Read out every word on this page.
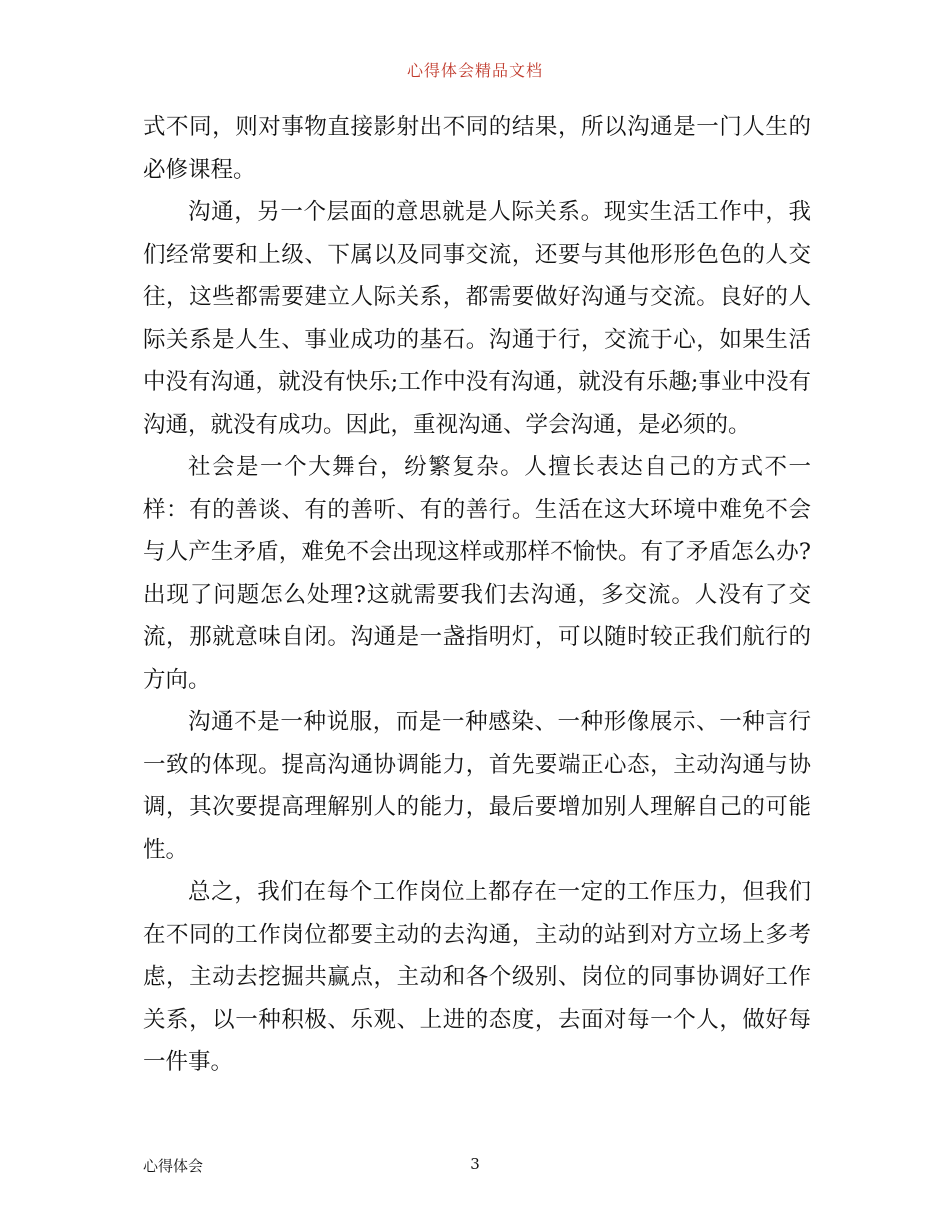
心得体会精品文档

式不同，则对事物直接影射出不同的结果，所以沟通是一门人生的必修课程。

沟通，另一个层面的意思就是人际关系。现实生活工作中，我们经常要和上级、下属以及同事交流，还要与其他形形色色的人交往，这些都需要建立人际关系，都需要做好沟通与交流。良好的人际关系是人生、事业成功的基石。沟通于行，交流于心，如果生活中没有沟通，就没有快乐;工作中没有沟通，就没有乐趣;事业中没有沟通，就没有成功。因此，重视沟通、学会沟通，是必须的。

社会是一个大舞台，纷繁复杂。人擅长表达自己的方式不一样：有的善谈、有的善听、有的善行。生活在这大环境中难免不会与人产生矛盾，难免不会出现这样或那样不愉快。有了矛盾怎么办?出现了问题怎么处理?这就需要我们去沟通，多交流。人没有了交流，那就意味自闭。沟通是一盏指明灯，可以随时较正我们航行的方向。

沟通不是一种说服，而是一种感染、一种形像展示、一种言行一致的体现。提高沟通协调能力，首先要端正心态，主动沟通与协调，其次要提高理解别人的能力，最后要增加别人理解自己的可能性。

总之，我们在每个工作岗位上都存在一定的工作压力，但我们在不同的工作岗位都要主动的去沟通，主动的站到对方立场上多考虑，主动去挖掘共赢点，主动和各个级别、岗位的同事协调好工作关系，以一种积极、乐观、上进的态度，去面对每一个人，做好每一件事。

心得体会	3
